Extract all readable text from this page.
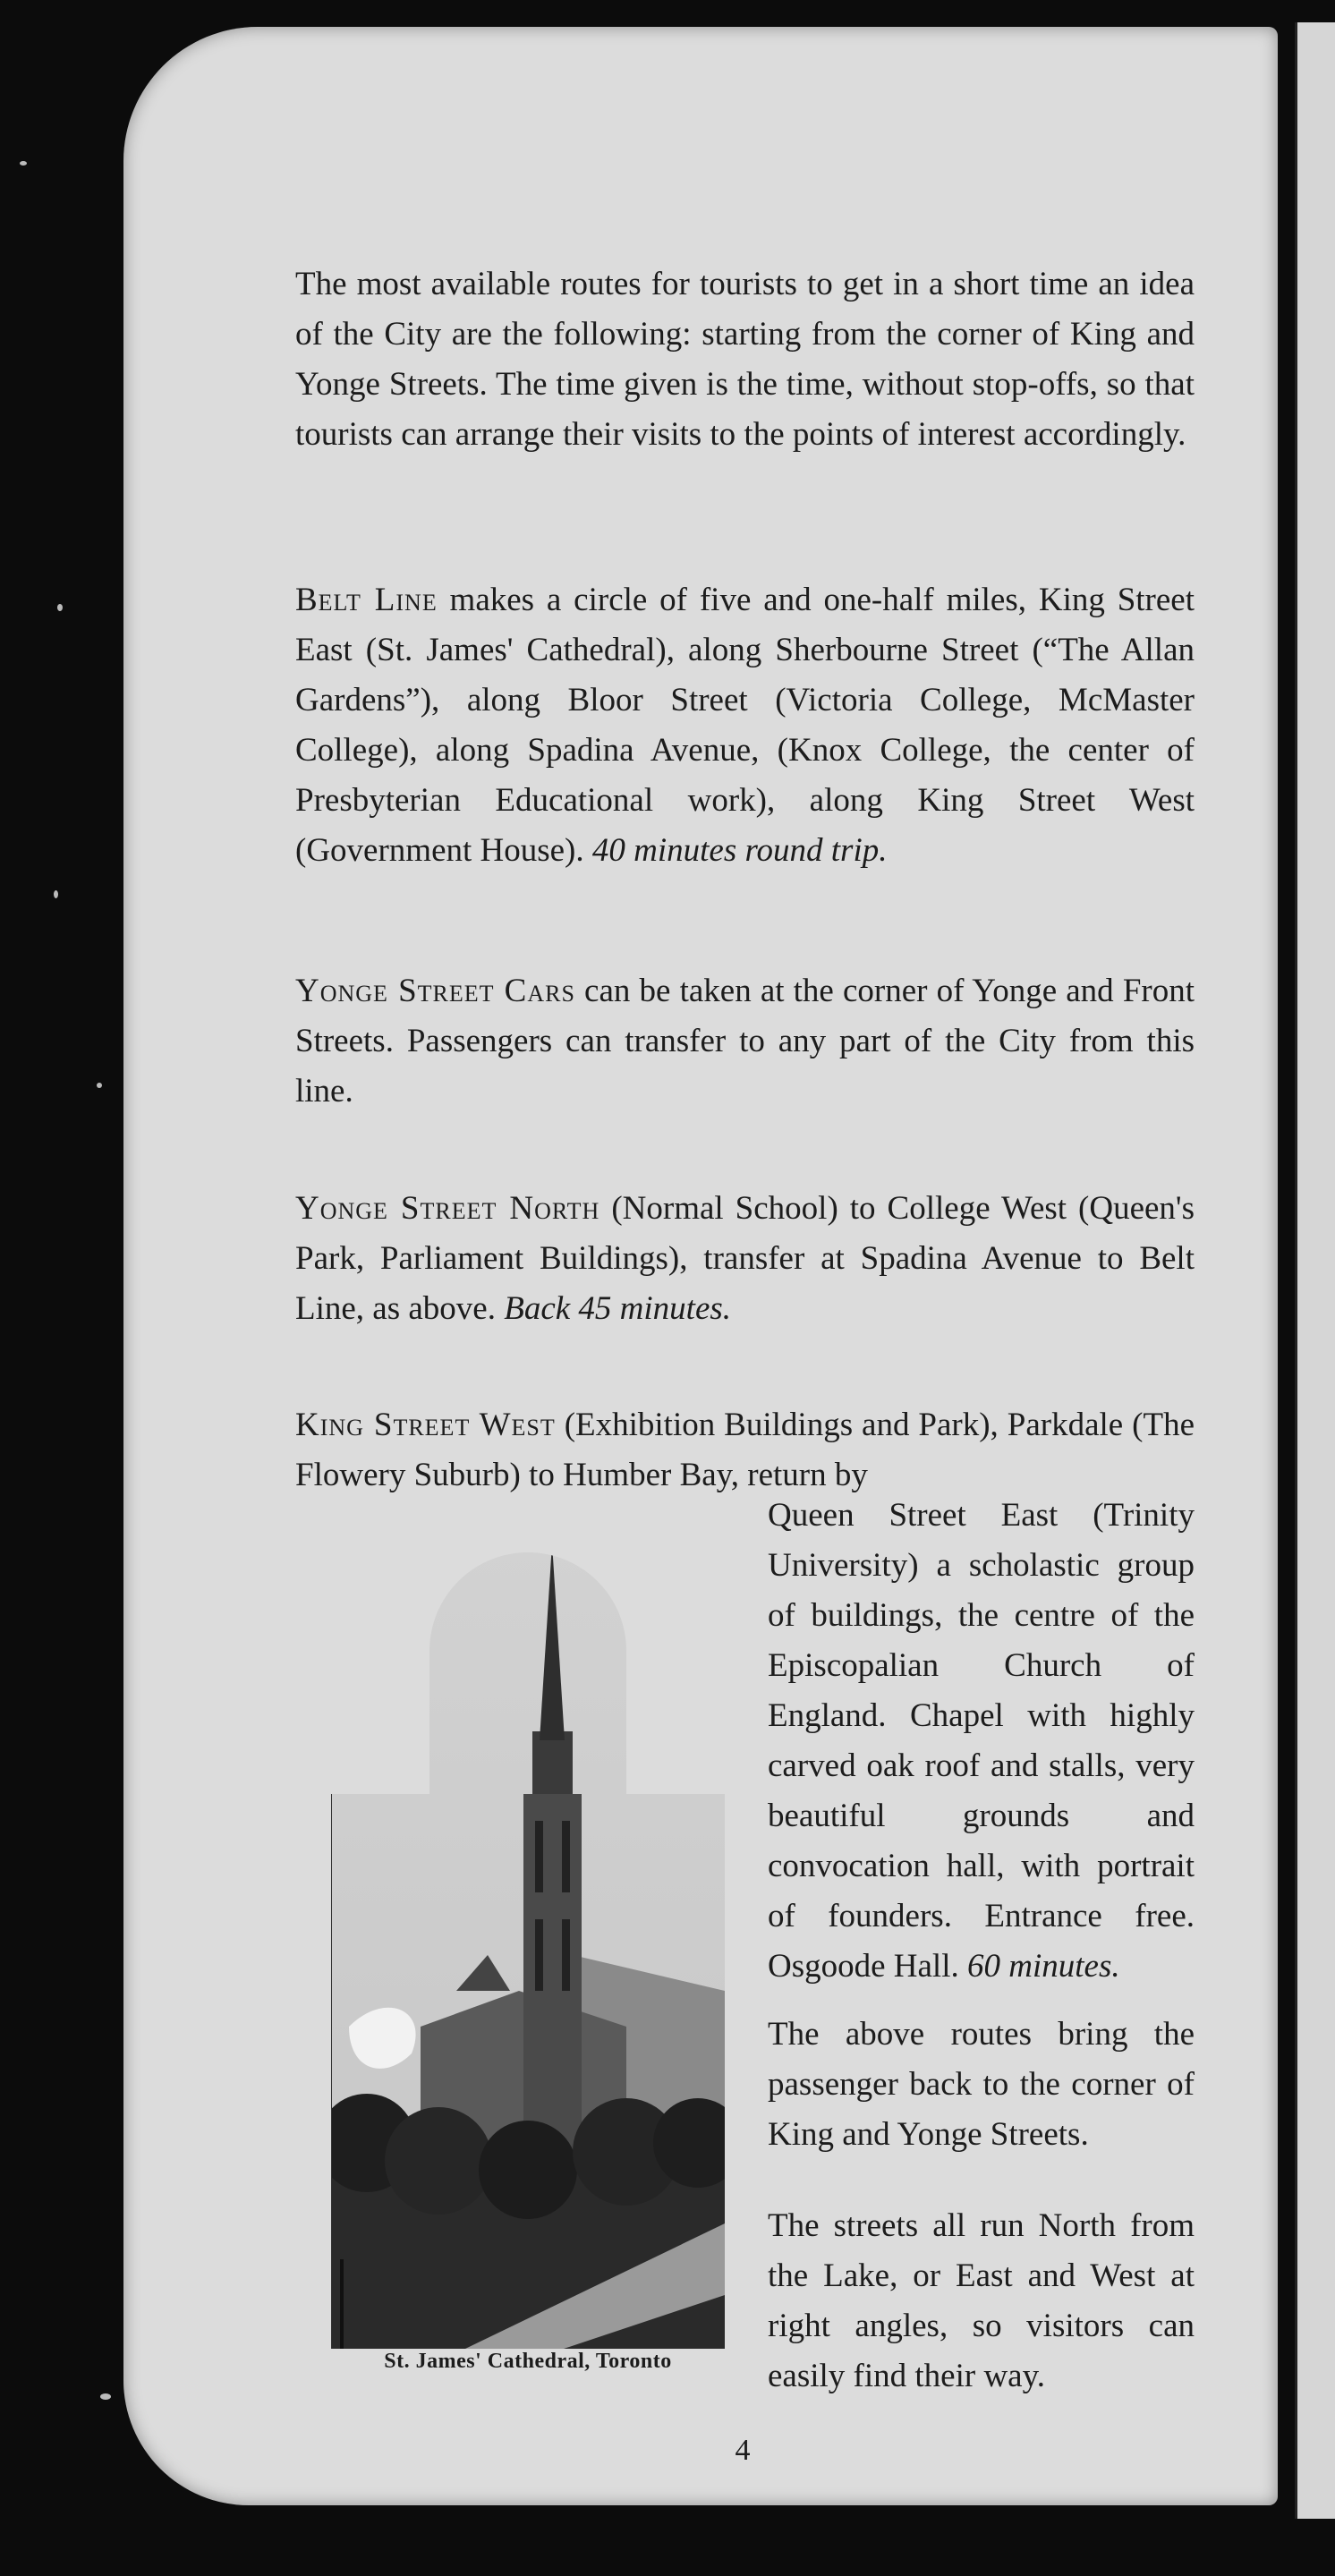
The most available routes for tourists to get in a short time an idea of the City are the following: starting from the corner of King and Yonge Streets. The time given is the time, without stop-offs, so that tourists can arrange their visits to the points of interest accordingly.

Belt Line makes a circle of five and one-half miles, King Street East (St. James' Cathedral), along Sherbourne Street (“The Allan Gardens”), along Bloor Street (Victoria College, McMaster College), along Spadina Avenue, (Knox College, the center of Presbyterian Educational work), along King Street West (Government House). 40 minutes round trip.

Yonge Street Cars can be taken at the corner of Yonge and Front Streets. Passengers can transfer to any part of the City from this line.

Yonge Street North (Normal School) to College West (Queen's Park, Parliament Buildings), transfer at Spadina Avenue to Belt Line, as above. Back 45 minutes.

King Street West (Exhibition Buildings and Park), Parkdale (The Flowery Suburb) to Humber Bay, return by

Queen Street East (Trinity University) a scholastic group of buildings, the centre of the Episcopalian Church of England. Chapel with highly carved oak roof and stalls, very beautiful grounds and convocation hall, with portrait of founders. Entrance free. Osgoode Hall. 60 minutes.

The above routes bring the passenger back to the corner of King and Yonge Streets.

The streets all run North from the Lake, or East and West at right angles, so visitors can easily find their way.

St. James' Cathedral, Toronto
4
